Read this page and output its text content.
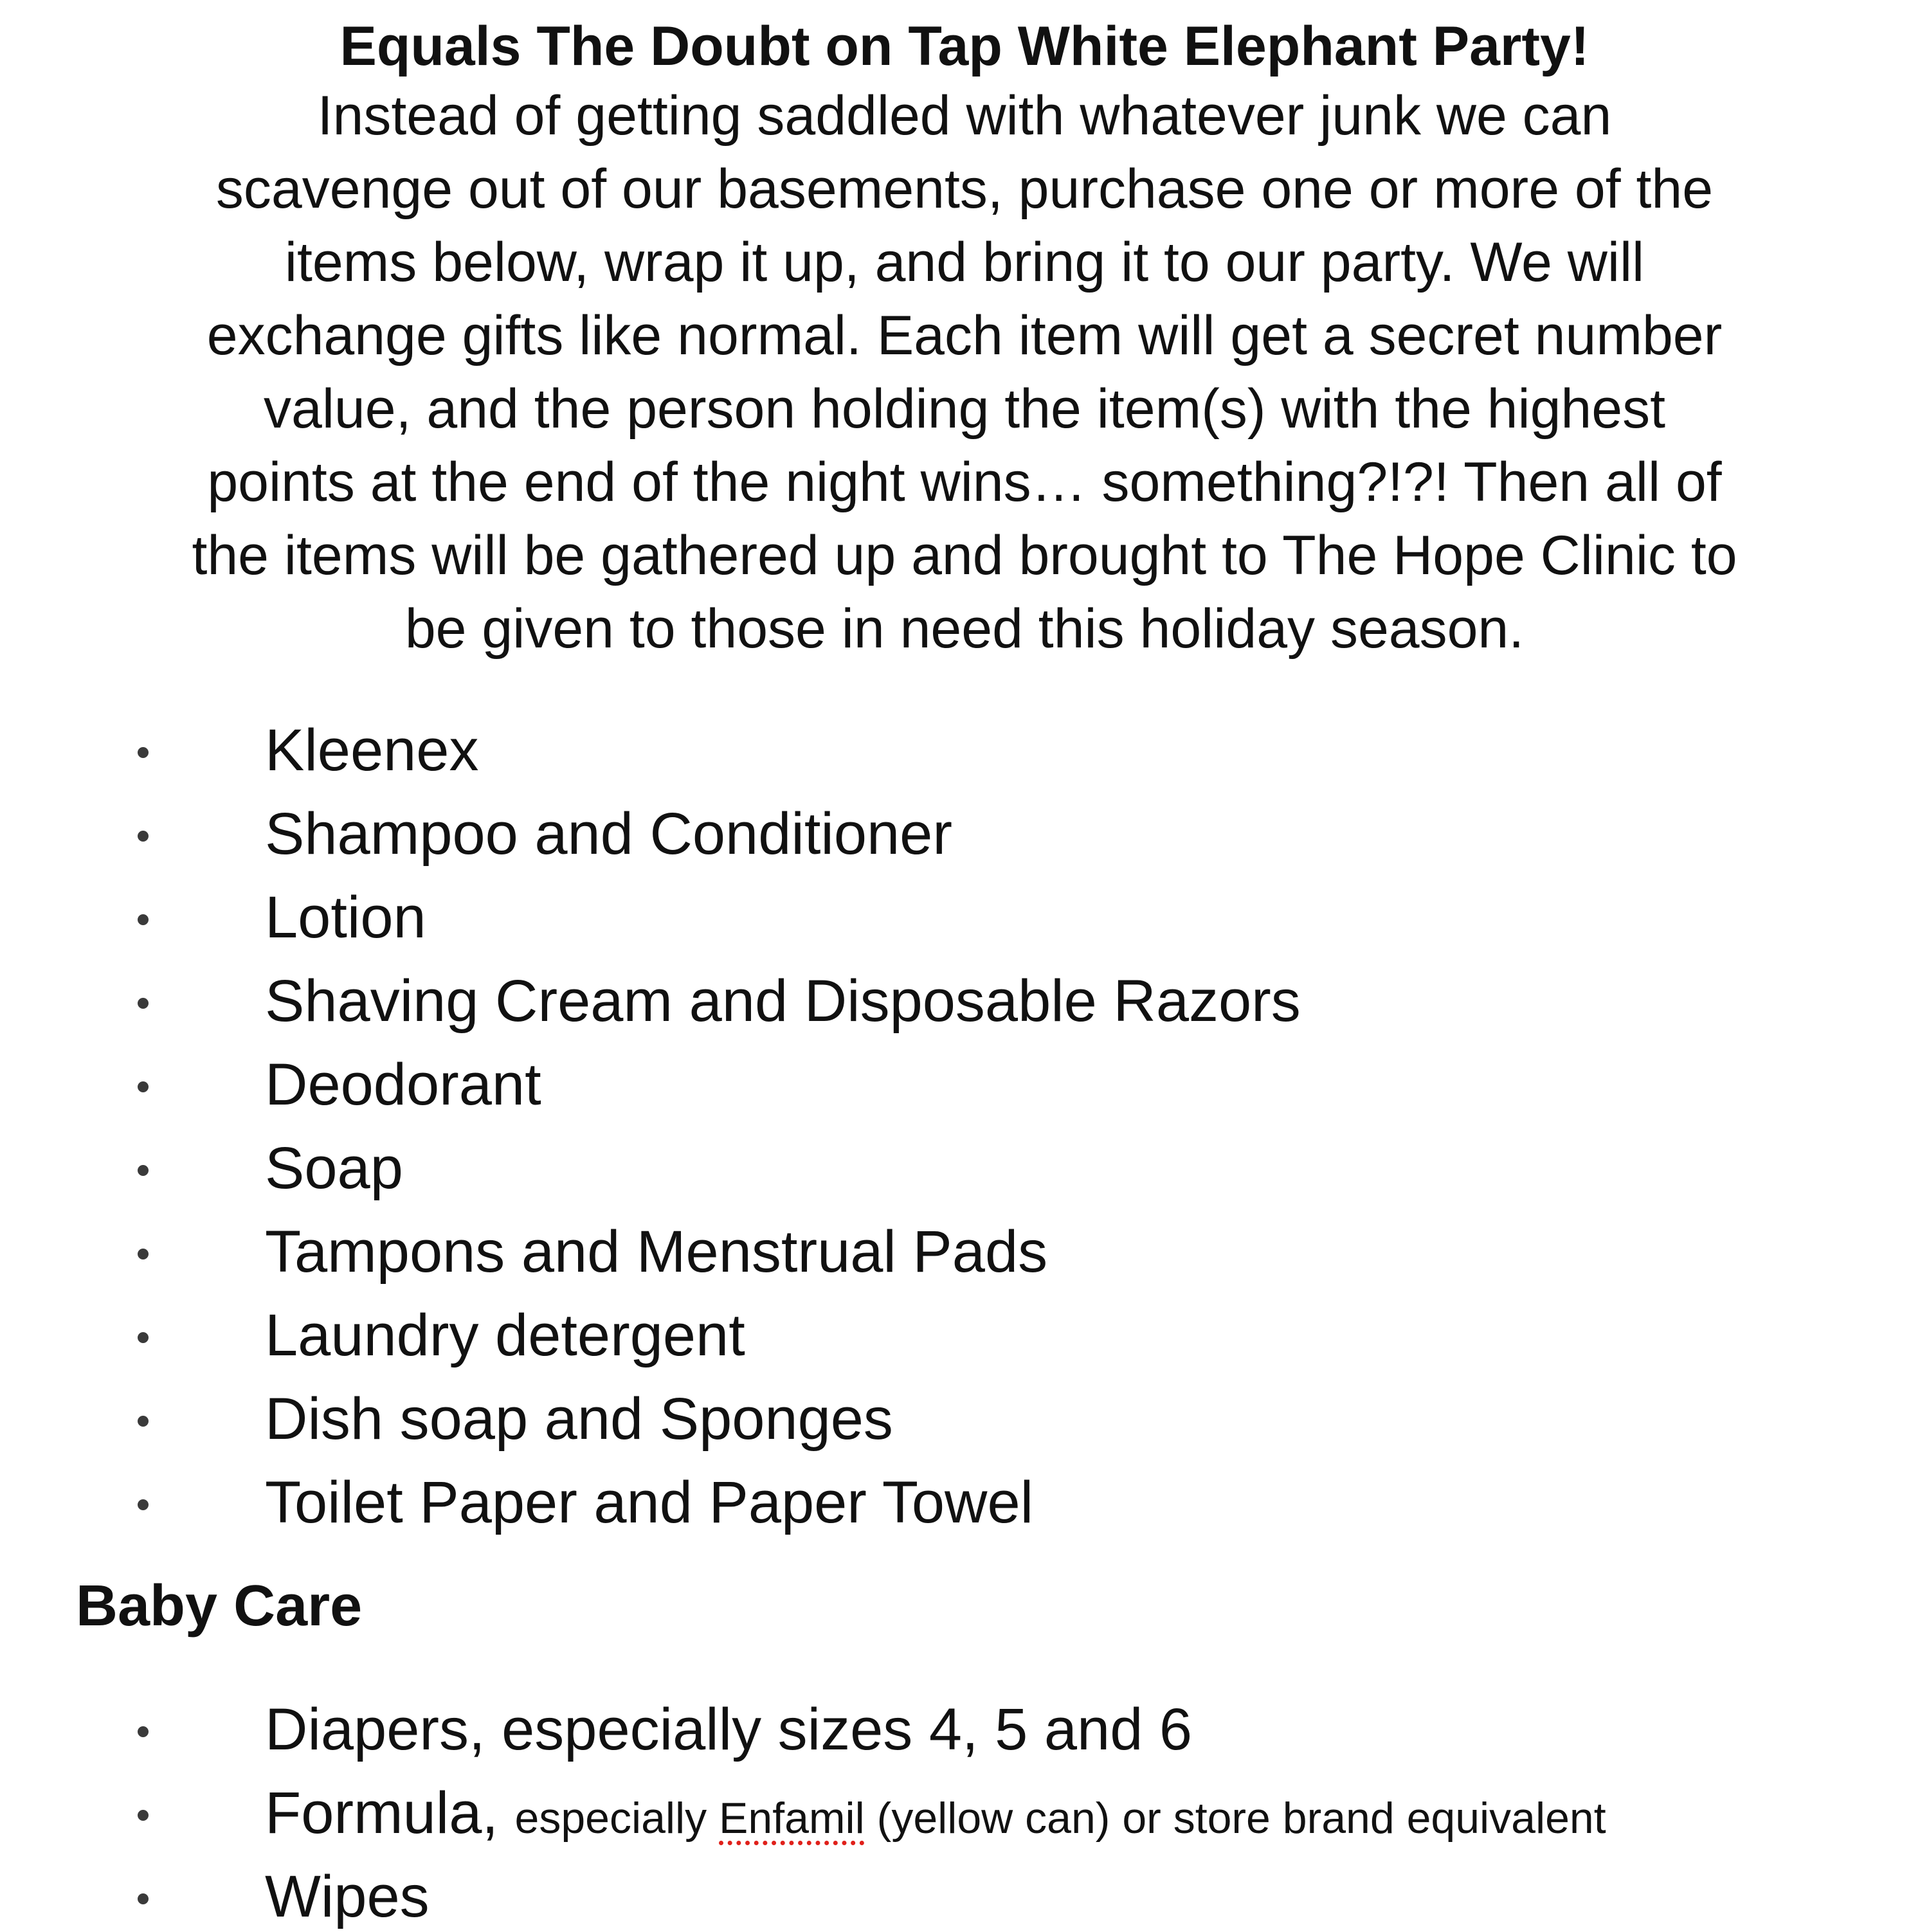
Equals The Doubt on Tap White Elephant Party!
Instead of getting saddled with whatever junk we can
scavenge out of our basements, purchase one or more of the
items below, wrap it up, and bring it to our party. We will
exchange gifts like normal. Each item will get a secret number
value, and the person holding the item(s) with the highest
points at the end of the night wins… something?!?! Then all of
the items will be gathered up and brought to The Hope Clinic to
be given to those in need this holiday season.
Kleenex
Shampoo and Conditioner
Lotion
Shaving Cream and Disposable Razors
Deodorant
Soap
Tampons and Menstrual Pads
Laundry detergent
Dish soap and Sponges
Toilet Paper and Paper Towel
Baby Care
Diapers, especially sizes 4, 5 and 6
Formula, especially Enfamil (yellow can) or store brand equivalent
Wipes
